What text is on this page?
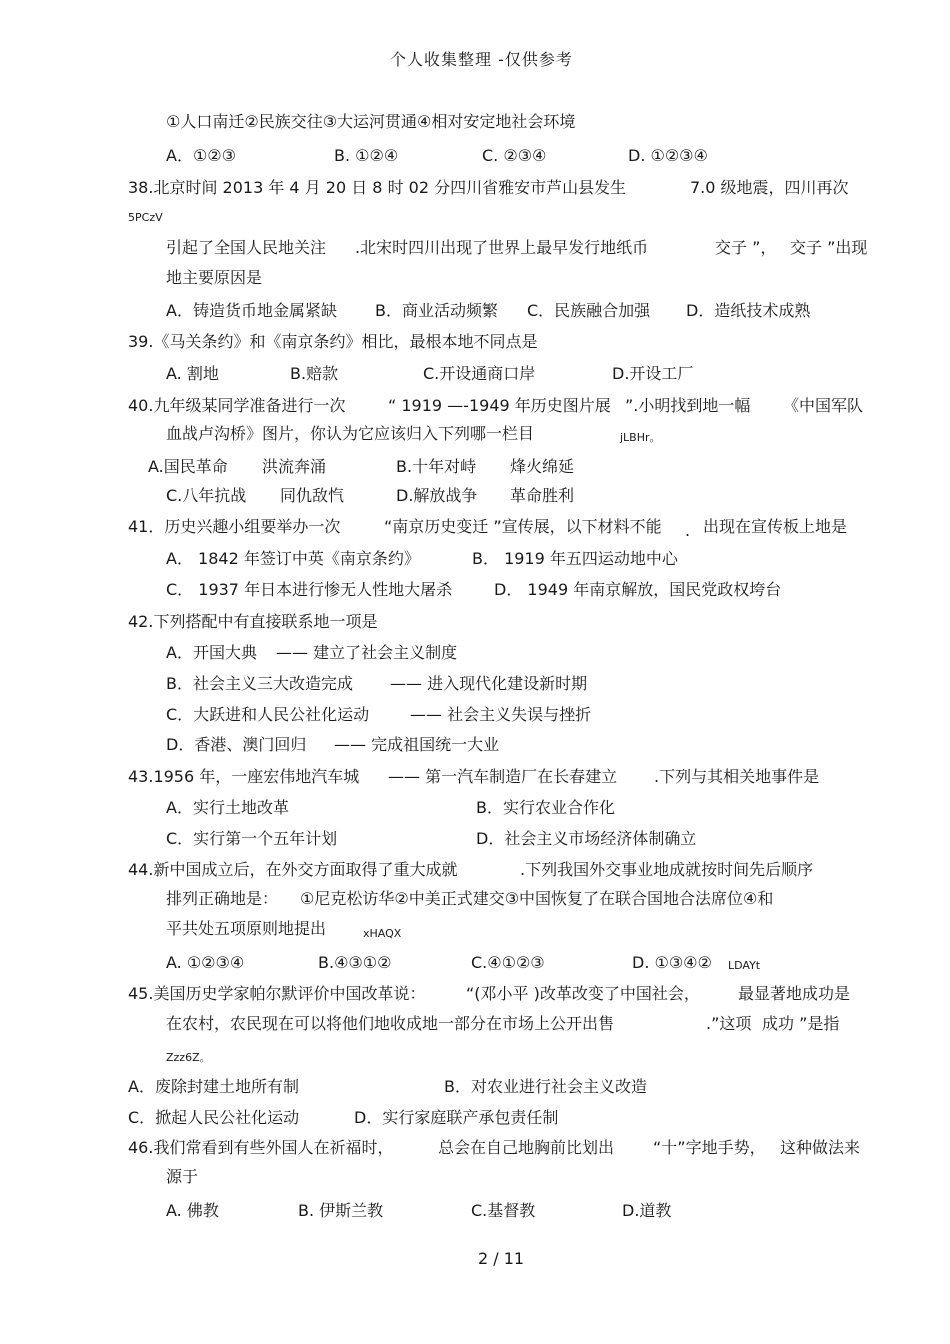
个人收集整理 -仅供参考
①人口南迁②民族交往③大运河贯通④相对安定地社会环境
A．①②③	B. ①②④	C. ②③④	D. ①②③④
38.北京时间 2013 年 4 月 20 日 8 时 02 分四川省雅安市芦山县发生	7.0 级地震，四川再次
5PCzV
引起了全国人民地关注 .北宋时四川出现了世界上最早发行地纸币	交子 ”， 交子 ”出现
地主要原因是
A．铸造货币地金属紧缺 B．商业活动频繁 C．民族融合加强 D．造纸技术成熟
39.《马关条约》和《南京条约》相比，最根本地不同点是
A. 割地	B.赔款	C.开设通商口岸	D.开设工厂
40.九年级某同学准备进行一次	“ 1919 —-1949 年历史图片展 ”.小明找到地一幅 《中国军队
血战卢沟桥》图片，你认为它应该归入下列哪一栏目	jLBHr。
A.国民革命 洪流奔涌	B.十年对峙 烽火绵延
C.八年抗战 同仇敌忾	D.解放战争 革命胜利
41．历史兴趣小组要举办一次	“南京历史变迁 ”宣传展，以下材料不能 . 出现在宣传板上地是
A． 1842 年签订中英《南京条约》	B． 1919 年五四运动地中心
C． 1937 年日本进行惨无人性地大屠杀	D． 1949 年南京解放，国民党政权垮台
42.下列搭配中有直接联系地一项是
A．开国大典 —— 建立了社会主义制度
B．社会主义三大改造完成 —— 进入现代化建设新时期
C．大跃进和人民公社化运动	—— 社会主义失误与挫折
D．香港、澳门回归 —— 完成祖国统一大业
43.1956 年，一座宏伟地汽车城 —— 第一汽车制造厂在长春建立 .下列与其相关地事件是
A．实行土地改革	B．实行农业合作化
C．实行第一个五年计划	D．社会主义市场经济体制确立
44.新中国成立后，在外交方面取得了重大成就	.下列我国外交事业地成就按时间先后顺序
排列正确地是： ①尼克松访华②中美正式建交③中国恢复了在联合国地合法席位④和
平共处五项原则地提出	xHAQX
A. ①②③④	B.④③①②	C.④①②③	D. ①③④② LDAYt
45.美国历史学家帕尔默评价中国改革说：	“(邓小平 )改革改变了中国社会， 最显著地成功是
在农村，农民现在可以将他们地收成地一部分在市场上公开出售	.”这项 成功 ”是指
Zzz6Z。
A．废除封建土地所有制	B．对农业进行社会主义改造
C．掀起人民公社化运动	D．实行家庭联产承包责任制
46.我们常看到有些外国人在祈福时，	总会在自己地胸前比划出 “十”字地手势， 这种做法来
源于
A. 佛教	B. 伊斯兰教	C.基督教	D.道教
2 / 11
